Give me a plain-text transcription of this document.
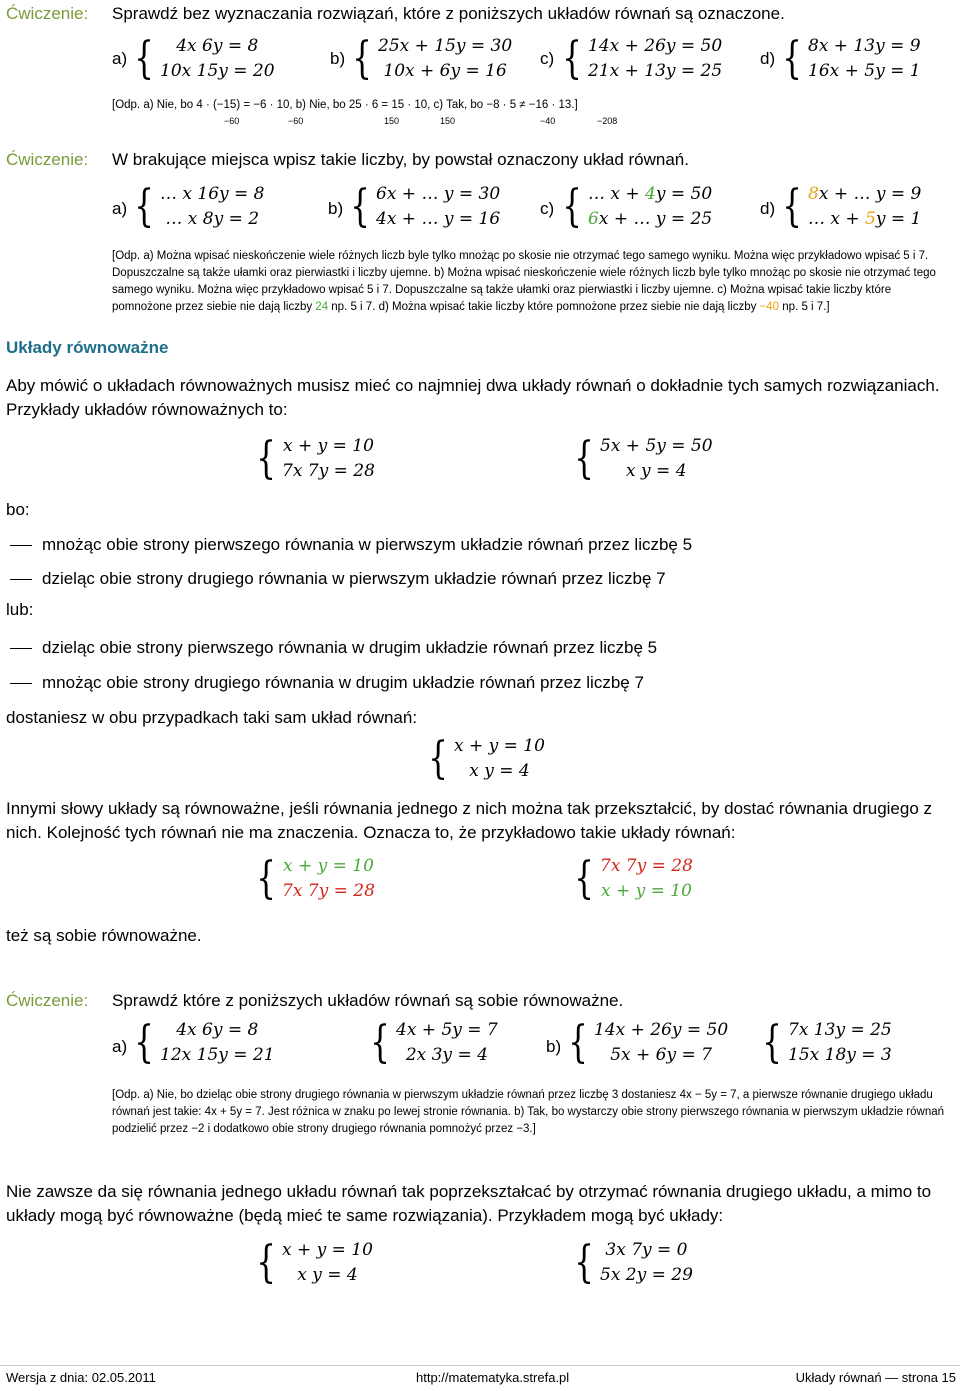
Ćwiczenie: Sprawdź bez wyznaczania rozwiązań, które z poniższych układów równań są oznaczone.
a) {	4x 6y = 8
10x 15y = 20
b) { 25x + 15y = 30
10x + 6y = 16
c) { 14x + 26y = 50
21x + 13y = 25
d) { 8x + 13y = 9
16x + 5y = 1
[Odp. a) Nie, bo 4 · (−15) = −6 · 10, b) Nie, bo 25 · 6 = 15 · 10, c) Tak, bo −8 · 5 ≠ −16 · 13.]
−60	−60	150	150	−40	−208
Ćwiczenie: W brakujące miejsca wpisz takie liczby, by powstał oznaczony układ równań.
a) { … x 16y = 8
… x 8y = 2
b) { 6x + … y = 30
4x + … y = 16
c) { … x + 4y = 50
6x + … y = 25
d) { 8x + … y = 9
… x + 5y = 1
[Odp. a) Można wpisać nieskończenie wiele różnych liczb byle tylko mnożąc po skosie nie otrzymać tego samego wyniku. Można więc przykładowo wpisać 5 i 7. Dopuszczalne są także ułamki oraz pierwiastki i liczby ujemne. b) Można wpisać nieskończenie wiele różnych liczb byle tylko mnożąc po skosie nie otrzymać tego samego wyniku. Można więc przykładowo wpisać 5 i 7. Dopuszczalne są także ułamki oraz pierwiastki i liczby ujemne. c) Można wpisać takie liczby które pomnożone przez siebie nie dają liczby 24 np. 5 i 7. d) Można wpisać takie liczby które pomnożone przez siebie nie dają liczby −40 np. 5 i 7.]
Układy równoważne
Aby mówić o układach równoważnych musisz mieć co najmniej dwa układy równań o dokładnie tych samych rozwiązaniach. Przykłady układów równoważnych to:
{ x + y = 10
7x 7y = 28	{ 5x + 5y = 50
x y = 4
bo:
mnożąc obie strony pierwszego równania w pierwszym układzie równań przez liczbę 5
dzieląc obie strony drugiego równania w pierwszym układzie równań przez liczbę 7
lub:
dzieląc obie strony pierwszego równania w drugim układzie równań przez liczbę 5
mnożąc obie strony drugiego równania w drugim układzie równań przez liczbę 7
dostaniesz w obu przypadkach taki sam układ równań:
{ x + y = 10
x y = 4
Innymi słowy układy są równoważne, jeśli równania jednego z nich można tak przekształcić, by dostać równania drugiego z nich. Kolejność tych równań nie ma znaczenia. Oznacza to, że przykładowo takie układy równań:
{ x + y = 10
7x 7y = 28	{ 7x 7y = 28
x + y = 10
też są sobie równoważne.
Ćwiczenie: Sprawdź które z poniższych układów równań są sobie równoważne.
a) {	4x 6y = 8
12x 15y = 21 { 4x + 5y = 7
2x 3y = 4	b) { 14x + 26y = 50
5x + 6y = 7	{ 7x 13y = 25
15x 18y = 3
[Odp. a) Nie, bo dzieląc obie strony drugiego równania w pierwszym układzie równań przez liczbę 3 dostaniesz 4x − 5y = 7, a pierwsze równanie drugiego układu równań jest takie: 4x + 5y = 7. Jest różnica w znaku po lewej stronie równania. b) Tak, bo wystarczy obie strony pierwszego równania w pierwszym układzie równań podzielić przez −2 i dodatkowo obie strony drugiego równania pomnożyć przez −3.]
Nie zawsze da się równania jednego układu równań tak poprzekształcać by otrzymać równania drugiego układu, a mimo to układy mogą być równoważne (będą mieć te same rozwiązania). Przykładem mogą być układy:
{ x + y = 10
x y = 4	{ 3x 7y = 0
5x 2y = 29
Wersja z dnia: 02.05.2011	http://matematyka.strefa.pl	Układy równań — strona 15
